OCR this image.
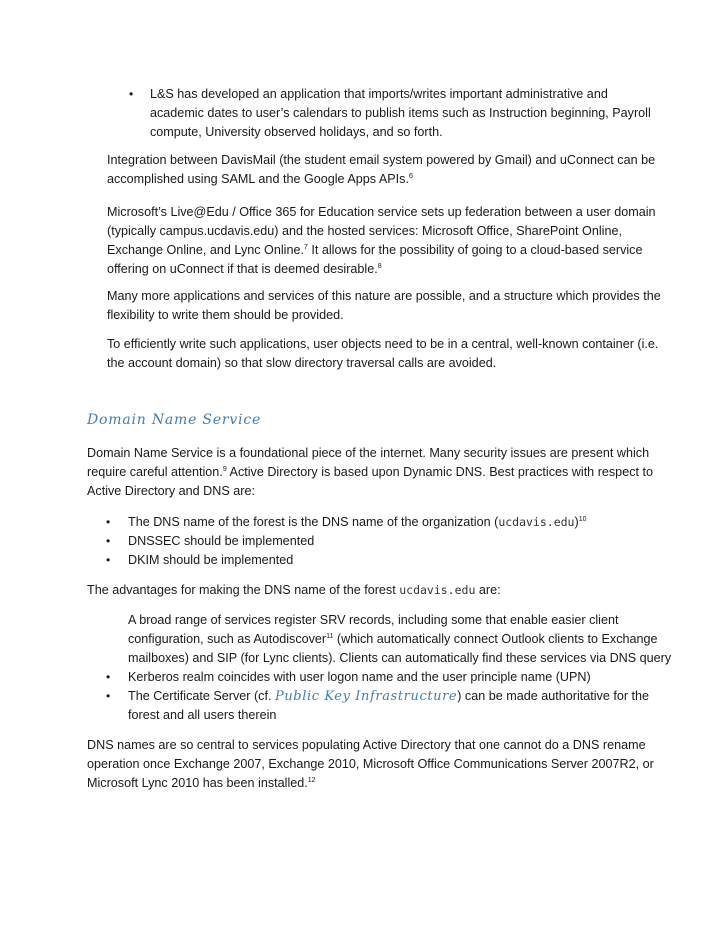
• L&S has developed an application that imports/writes important administrative and
academic dates to user’s calendars to publish items such as Instruction beginning, Payroll
compute, University observed holidays, and so forth.
Integration between DavisMail (the student email system powered by Gmail) and uConnect can be
accomplished using SAML and the Google Apps APIs.$^6$
Microsoft’s Live@Edu / Office 365 for Education service sets up federation between a user domain
(typically campus.ucdavis.edu) and the hosted services: Microsoft Office, SharePoint Online,
Exchange Online, and Lync Online.$^7$ It allows for the possibility of going to a cloud-based service
offering on uConnect if that is deemed desirable.$^8$
Many more applications and services of this nature are possible, and a structure which provides the
flexibility to write them should be provided.
To efficiently write such applications, user objects need to be in a central, well-known container (i.e.
the account domain) so that slow directory traversal calls are avoided.
Domain Name Service
Domain Name Service is a foundational piece of the internet. Many security issues are present which
require careful attention.$^9$ Active Directory is based upon Dynamic DNS. Best practices with respect to
Active Directory and DNS are:
• The DNS name of the forest is the DNS name of the organization (ucdavis.edu)$^{10}$
• DNSSEC should be implemented
• DKIM should be implemented
The advantages for making the DNS name of the forest ucdavis.edu are:
A broad range of services register SRV records, including some that enable easier client
configuration, such as Autodiscover$^{11}$ (which automatically connect Outlook clients to Exchange
mailboxes) and SIP (for Lync clients). Clients can automatically find these services via DNS query
• Kerberos realm coincides with user logon name and the user principle name (UPN)
• The Certificate Server (cf. Public Key Infrastructure) can be made authoritative for the
forest and all users therein
DNS names are so central to services populating Active Directory that one cannot do a DNS rename
operation once Exchange 2007, Exchange 2010, Microsoft Office Communications Server 2007R2, or
Microsoft Lync 2010 has been installed.$^{12}$
